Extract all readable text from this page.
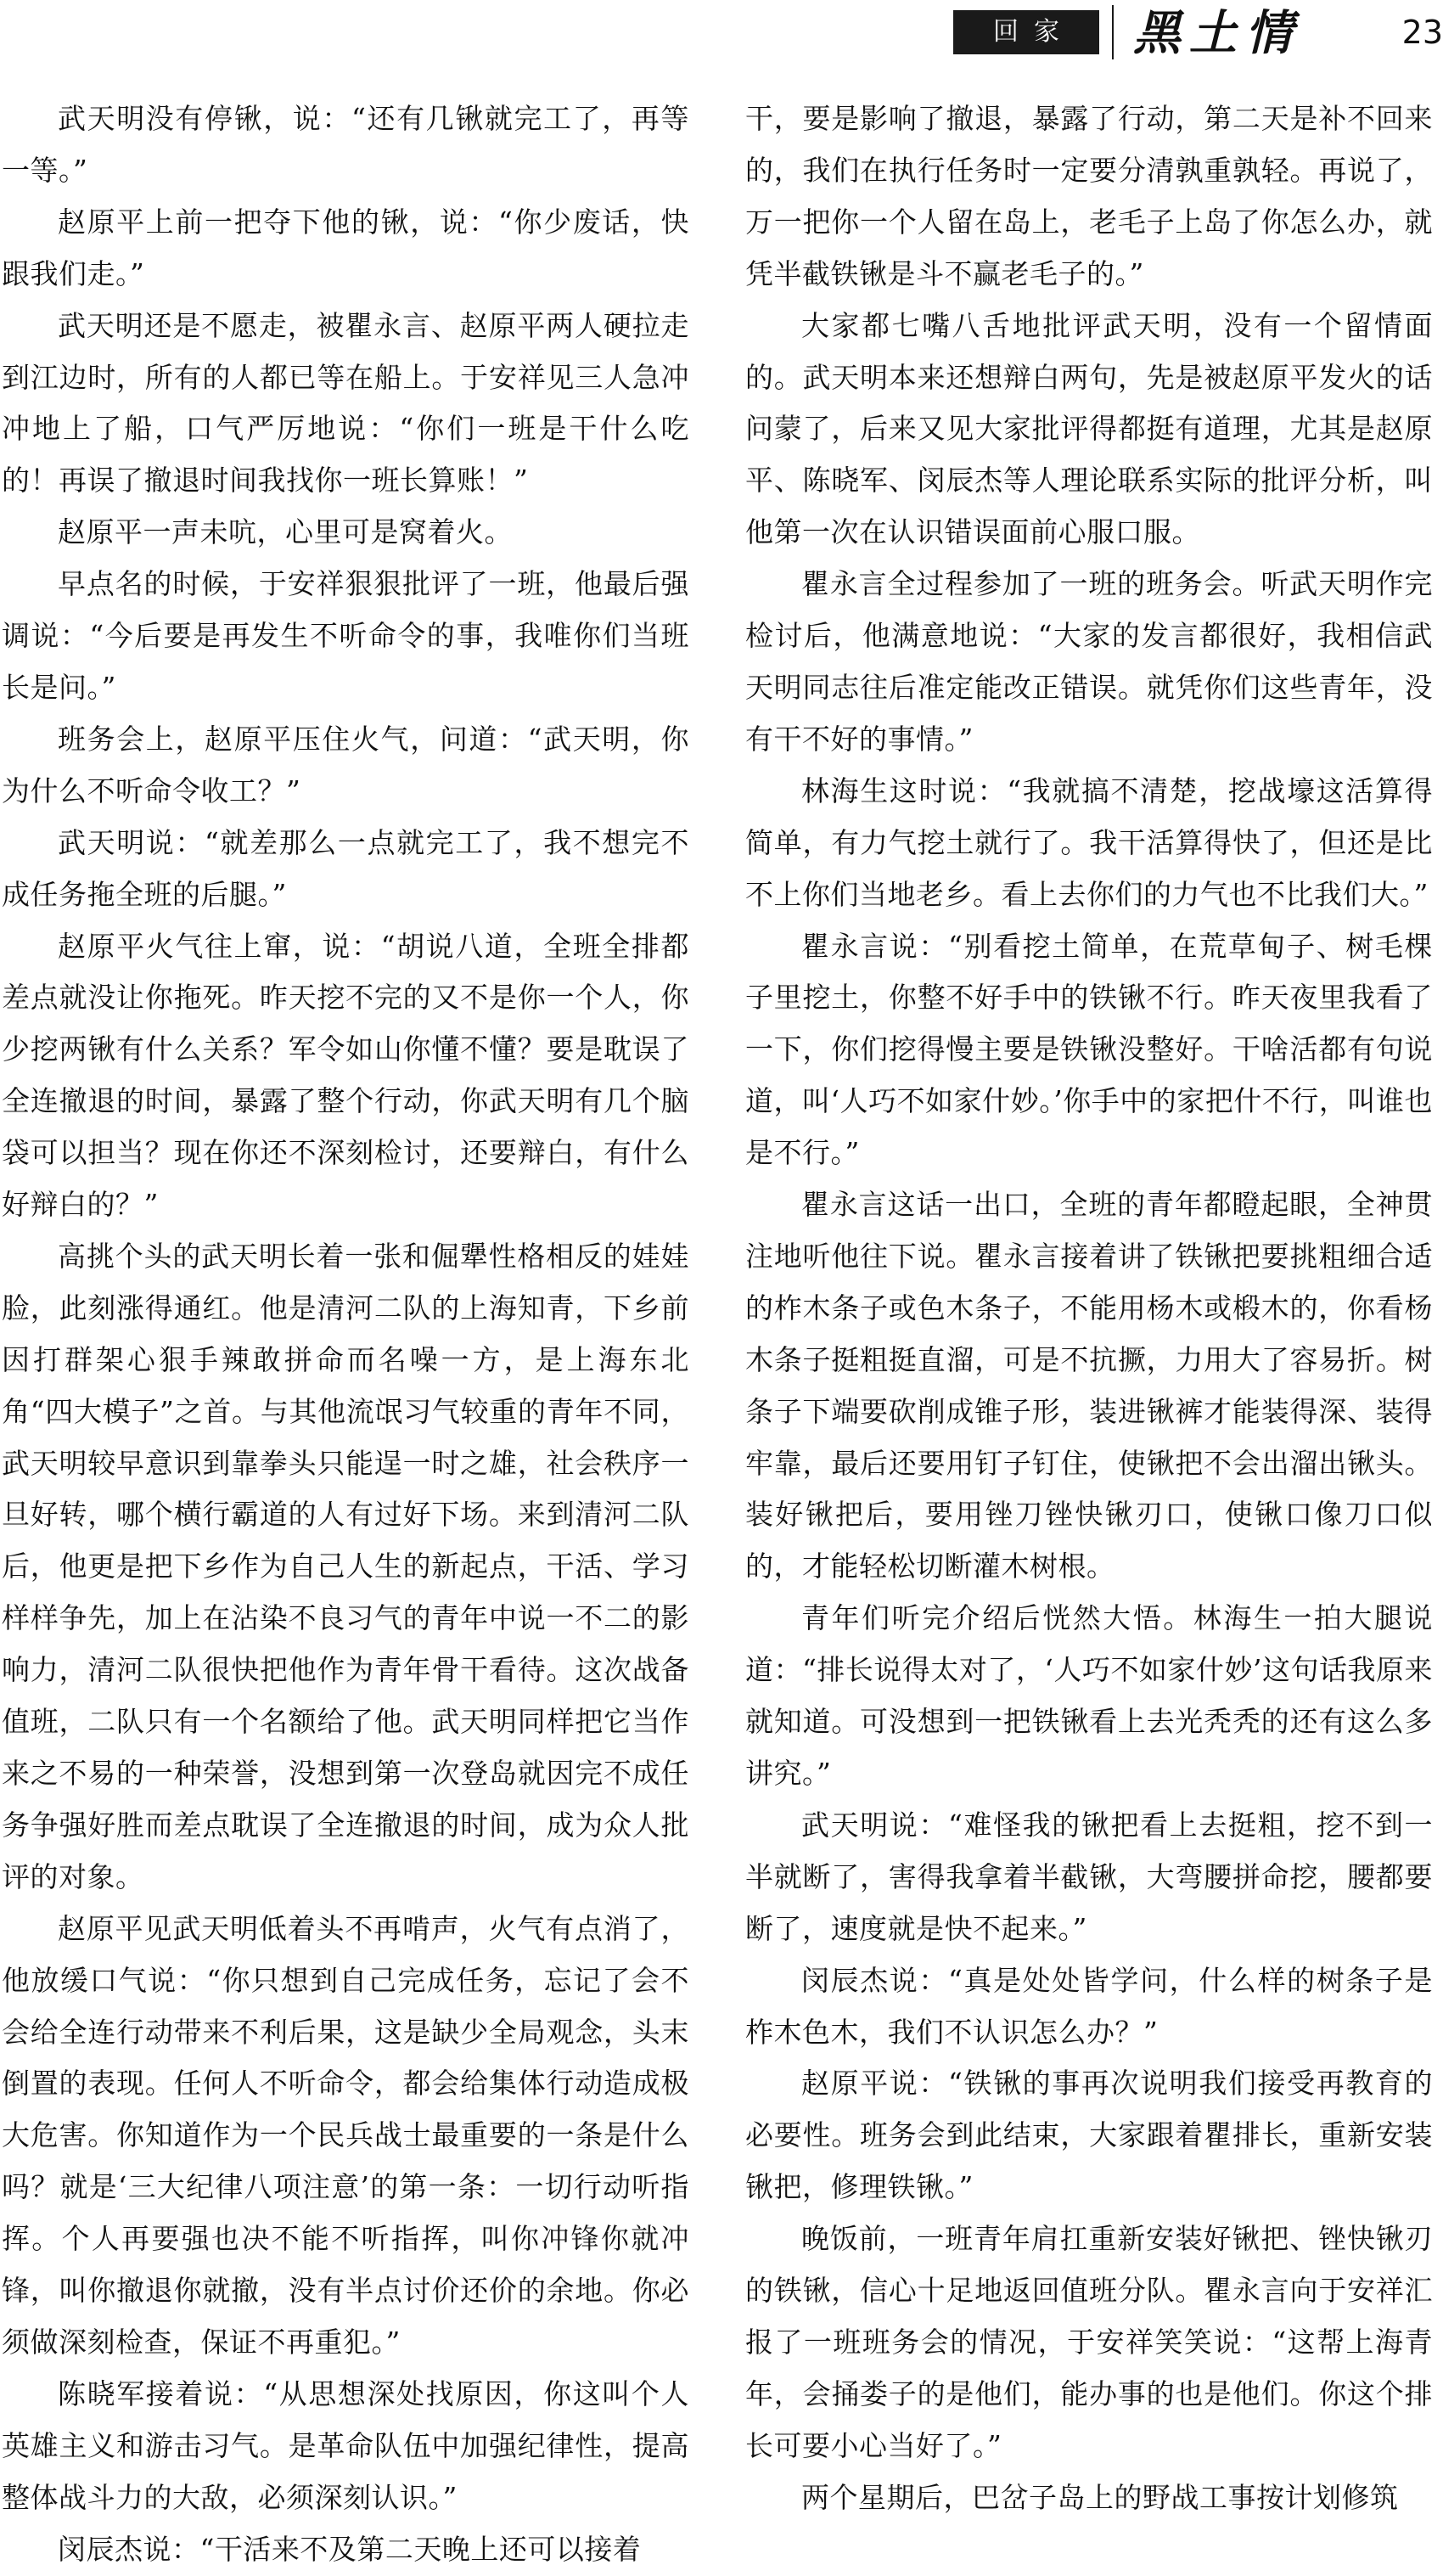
回家	黑土情	23

武天明没有停锹，说：“还有几锹就完工了，再等一等。”

赵原平上前一把夺下他的锹，说：“你少废话，快跟我们走。”

武天明还是不愿走，被瞿永言、赵原平两人硬拉走到江边时，所有的人都已等在船上。于安祥见三人急冲冲地上了船，口气严厉地说：“你们一班是干什么吃的！再误了撤退时间我找你一班长算账！”

赵原平一声未吭，心里可是窝着火。

早点名的时候，于安祥狠狠批评了一班，他最后强调说：“今后要是再发生不听命令的事，我唯你们当班长是问。”

班务会上，赵原平压住火气，问道：“武天明，你为什么不听命令收工？”

武天明说：“就差那么一点就完工了，我不想完不成任务拖全班的后腿。”

赵原平火气往上窜，说：“胡说八道，全班全排都差点就没让你拖死。昨天挖不完的又不是你一个人，你少挖两锹有什么关系？军令如山你懂不懂？要是耽误了全连撤退的时间，暴露了整个行动，你武天明有几个脑袋可以担当？现在你还不深刻检讨，还要辩白，有什么好辩白的？”

高挑个头的武天明长着一张和倔犟性格相反的娃娃脸，此刻涨得通红。他是清河二队的上海知青，下乡前因打群架心狠手辣敢拼命而名噪一方，是上海东北角“四大模子”之首。与其他流氓习气较重的青年不同，武天明较早意识到靠拳头只能逞一时之雄，社会秩序一旦好转，哪个横行霸道的人有过好下场。来到清河二队后，他更是把下乡作为自己人生的新起点，干活、学习样样争先，加上在沾染不良习气的青年中说一不二的影响力，清河二队很快把他作为青年骨干看待。这次战备值班，二队只有一个名额给了他。武天明同样把它当作来之不易的一种荣誉，没想到第一次登岛就因完不成任务争强好胜而差点耽误了全连撤退的时间，成为众人批评的对象。

赵原平见武天明低着头不再啃声，火气有点消了，他放缓口气说：“你只想到自己完成任务，忘记了会不会给全连行动带来不利后果，这是缺少全局观念，头末倒置的表现。任何人不听命令，都会给集体行动造成极大危害。你知道作为一个民兵战士最重要的一条是什么吗？就是‘三大纪律八项注意’的第一条：一切行动听指挥。个人再要强也决不能不听指挥，叫你冲锋你就冲锋，叫你撤退你就撤，没有半点讨价还价的余地。你必须做深刻检查，保证不再重犯。”

陈晓军接着说：“从思想深处找原因，你这叫个人英雄主义和游击习气。是革命队伍中加强纪律性，提高整体战斗力的大敌，必须深刻认识。”

闵辰杰说：“干活来不及第二天晚上还可以接着

干，要是影响了撤退，暴露了行动，第二天是补不回来的，我们在执行任务时一定要分清孰重孰轻。再说了，万一把你一个人留在岛上，老毛子上岛了你怎么办，就凭半截铁锹是斗不赢老毛子的。”

大家都七嘴八舌地批评武天明，没有一个留情面的。武天明本来还想辩白两句，先是被赵原平发火的话问蒙了，后来又见大家批评得都挺有道理，尤其是赵原平、陈晓军、闵辰杰等人理论联系实际的批评分析，叫他第一次在认识错误面前心服口服。

瞿永言全过程参加了一班的班务会。听武天明作完检讨后，他满意地说：“大家的发言都很好，我相信武天明同志往后准定能改正错误。就凭你们这些青年，没有干不好的事情。”

林海生这时说：“我就搞不清楚，挖战壕这活算得简单，有力气挖土就行了。我干活算得快了，但还是比不上你们当地老乡。看上去你们的力气也不比我们大。”

瞿永言说：“别看挖土简单，在荒草甸子、树毛棵子里挖土，你整不好手中的铁锹不行。昨天夜里我看了一下，你们挖得慢主要是铁锹没整好。干啥活都有句说道，叫‘人巧不如家什妙。’你手中的家把什不行，叫谁也是不行。”

瞿永言这话一出口，全班的青年都瞪起眼，全神贯注地听他往下说。瞿永言接着讲了铁锹把要挑粗细合适的柞木条子或色木条子，不能用杨木或椴木的，你看杨木条子挺粗挺直溜，可是不抗撅，力用大了容易折。树条子下端要砍削成锥子形，装进锹裤才能装得深、装得牢靠，最后还要用钉子钉住，使锹把不会出溜出锹头。装好锹把后，要用锉刀锉快锹刃口，使锹口像刀口似的，才能轻松切断灌木树根。

青年们听完介绍后恍然大悟。林海生一拍大腿说道：“排长说得太对了，‘人巧不如家什妙’这句话我原来就知道。可没想到一把铁锹看上去光秃秃的还有这么多讲究。”

武天明说：“难怪我的锹把看上去挺粗，挖不到一半就断了，害得我拿着半截锹，大弯腰拼命挖，腰都要断了，速度就是快不起来。”

闵辰杰说：“真是处处皆学问，什么样的树条子是柞木色木，我们不认识怎么办？”

赵原平说：“铁锹的事再次说明我们接受再教育的必要性。班务会到此结束，大家跟着瞿排长，重新安装锹把，修理铁锹。”

晚饭前，一班青年肩扛重新安装好锹把、锉快锹刃的铁锹，信心十足地返回值班分队。瞿永言向于安祥汇报了一班班务会的情况，于安祥笑笑说：“这帮上海青年，会捅娄子的是他们，能办事的也是他们。你这个排长可要小心当好了。”

两个星期后，巴岔子岛上的野战工事按计划修筑
